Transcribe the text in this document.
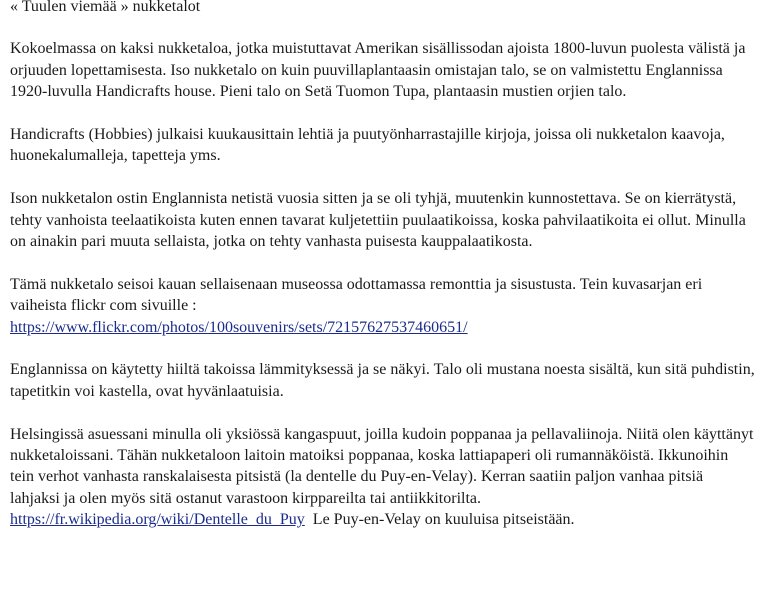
« Tuulen viemää » nukketalot

Kokoelmassa on kaksi nukketaloa, jotka muistuttavat Amerikan sisällissodan ajoista 1800-luvun puolesta välistä ja orjuuden lopettamisesta. Iso nukketalo on kuin puuvillaplantaasin omistajan talo, se on valmistettu Englannissa 1920-luvulla Handicrafts house. Pieni talo on Setä Tuomon Tupa, plantaasin mustien orjien talo.

Handicrafts (Hobbies) julkaisi kuukausittain lehtiä ja puutyönharrastajille kirjoja, joissa oli nukketalon kaavoja, huonekalumalleja, tapetteja yms.

Ison nukketalon ostin Englannista netistä vuosia sitten ja se oli tyhjä, muutenkin kunnostettava. Se on kierrätystä, tehty vanhoista teelaatikoista kuten ennen tavarat kuljetettiin puulaatikoissa, koska pahvilaatikoita ei ollut. Minulla on ainakin pari muuta sellaista, jotka on tehty vanhasta puisesta kauppalaatikosta.

Tämä nukketalo seisoi kauan sellaisenaan museossa odottamassa remonttia ja sisustusta. Tein kuvasarjan eri vaiheista flickr com sivuille :
https://www.flickr.com/photos/100souvenirs/sets/72157627537460651/

Englannissa on käytetty hiiltä takoissa lämmityksessä ja se näkyi. Talo oli mustana noesta sisältä, kun sitä puhdistin, tapetitkin voi kastella, ovat hyvänlaatuisia.

Helsingissä asuessani minulla oli yksiössä kangaspuut, joilla kudoin poppanaa ja pellavaliinoja. Niitä olen käyttänyt nukketaloissani. Tähän nukketaloon laitoin matoiksi poppanaa, koska lattiapaperi oli rumannäköistä. Ikkunoihin tein verhot vanhasta ranskalaisesta pitsistä (la dentelle du Puy-en-Velay). Kerran saatiin paljon vanhaa pitsiä lahjaksi ja olen myös sitä ostanut varastoon kirppareilta tai antiikkitorilta.
https://fr.wikipedia.org/wiki/Dentelle_du_Puy Le Puy-en-Velay on kuuluisa pitseistään.
